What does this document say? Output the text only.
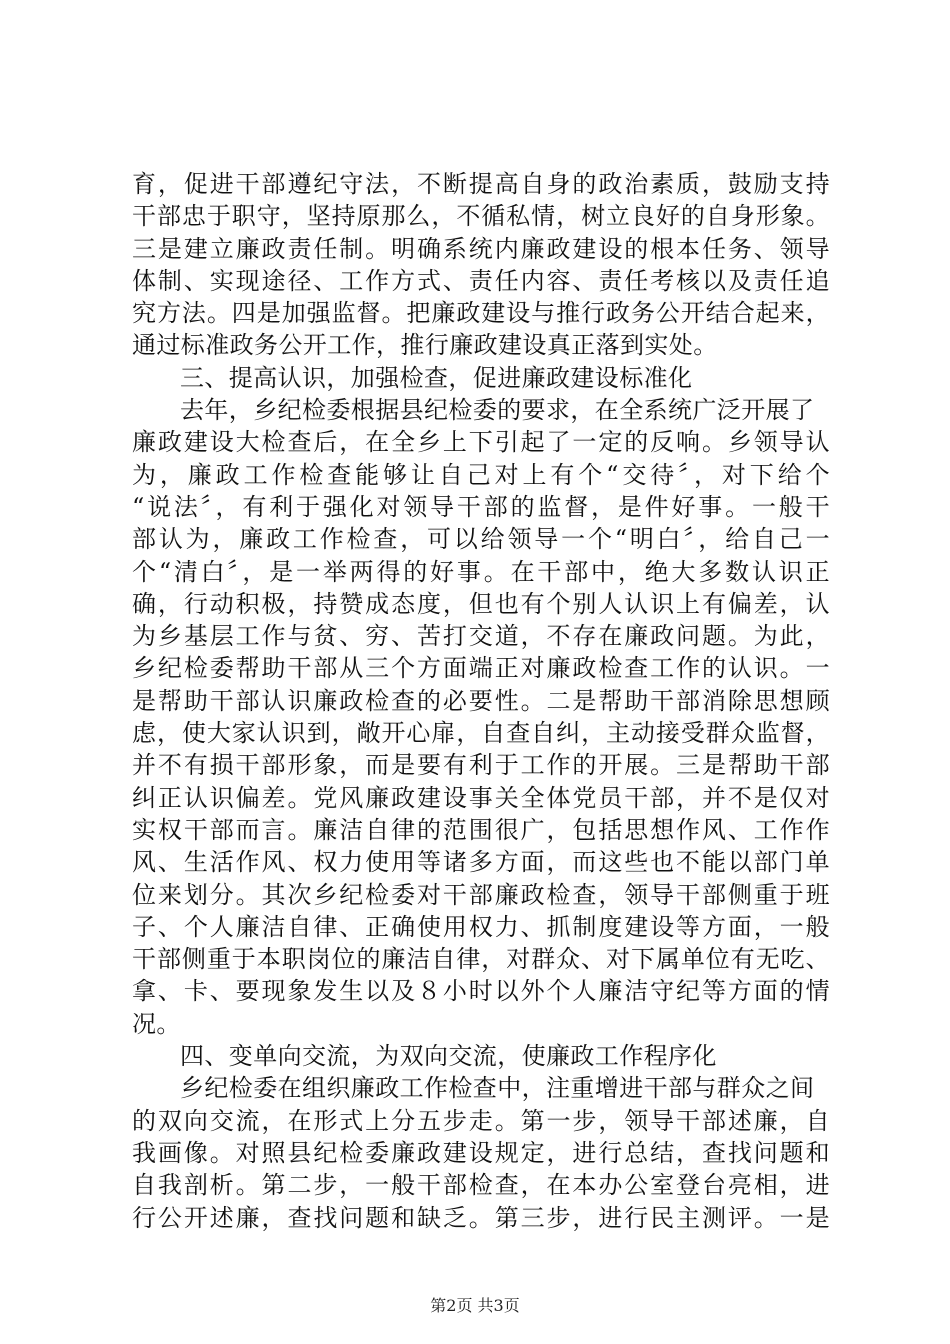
育，促进干部遵纪守法，不断提高自身的政治素质，鼓励支持
干部忠于职守，坚持原那么，不循私情，树立良好的自身形象。
三是建立廉政责任制。明确系统内廉政建设的根本任务、领导
体制、实现途径、工作方式、责任内容、责任考核以及责任追
究方法。四是加强监督。把廉政建设与推行政务公开结合起来，
通过标准政务公开工作，推行廉政建设真正落到实处。
三、提高认识，加强检查，促进廉政建设标准化
去年，乡纪检委根据县纪检委的要求，在全系统广泛开展了
廉政建设大检查后，在全乡上下引起了一定的反响。乡领导认
为，廉政工作检查能够让自己对上有个“交待〞，对下给个
“说法〞，有利于强化对领导干部的监督，是件好事。一般干
部认为，廉政工作检查，可以给领导一个“明白〞，给自己一
个“清白〞，是一举两得的好事。在干部中，绝大多数认识正
确，行动积极，持赞成态度，但也有个别人认识上有偏差，认
为乡基层工作与贫、穷、苦打交道，不存在廉政问题。为此，
乡纪检委帮助干部从三个方面端正对廉政检查工作的认识。一
是帮助干部认识廉政检查的必要性。二是帮助干部消除思想顾
虑，使大家认识到，敞开心扉，自查自纠，主动接受群众监督，
并不有损干部形象，而是要有利于工作的开展。三是帮助干部
纠正认识偏差。党风廉政建设事关全体党员干部，并不是仅对
实权干部而言。廉洁自律的范围很广，包括思想作风、工作作
风、生活作风、权力使用等诸多方面，而这些也不能以部门单
位来划分。其次乡纪检委对干部廉政检查，领导干部侧重于班
子、个人廉洁自律、正确使用权力、抓制度建设等方面，一般
干部侧重于本职岗位的廉洁自律，对群众、对下属单位有无吃、
拿、卡、要现象发生以及８小时以外个人廉洁守纪等方面的情
况。
四、变单向交流，为双向交流，使廉政工作程序化
乡纪检委在组织廉政工作检查中，注重增进干部与群众之间
的双向交流，在形式上分五步走。第一步，领导干部述廉，自
我画像。对照县纪检委廉政建设规定，进行总结，查找问题和
自我剖析。第二步，一般干部检查，在本办公室登台亮相，进
行公开述廉，查找问题和缺乏。第三步，进行民主测评。一是
第2页 共3页
